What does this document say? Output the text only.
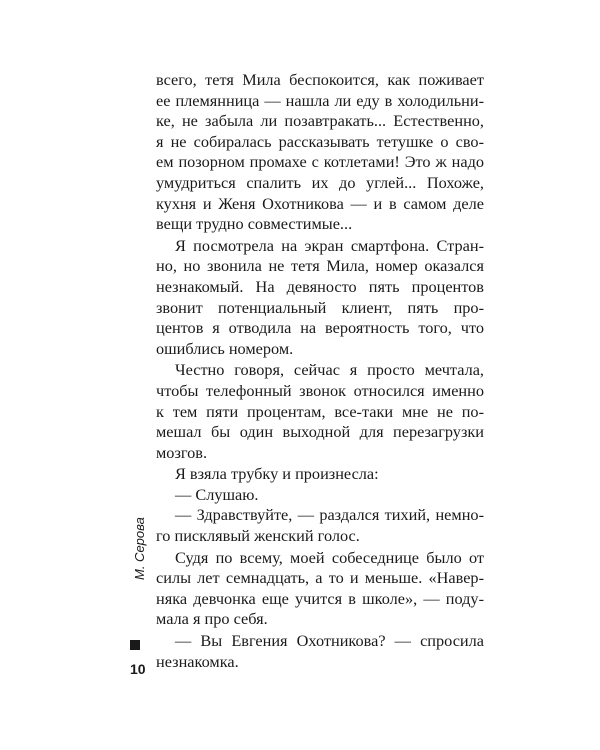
всего, тетя Мила беспокоится, как поживает
ее племянница — нашла ли еду в холодильни-
ке, не забыла ли позавтракать... Естественно,
я не собиралась рассказывать тетушке о сво-
ем позорном промахе с котлетами! Это ж надо
умудриться спалить их до углей... Похоже,
кухня и Женя Охотникова — и в самом деле
вещи трудно совместимые...

Я посмотрела на экран смартфона. Стран-
но, но звонила не тетя Мила, номер оказался
незнакомый. На девяносто пять процентов
звонит потенциальный клиент, пять про-
центов я отводила на вероятность того, что
ошиблись номером.

Честно говоря, сейчас я просто мечтала,
чтобы телефонный звонок относился именно
к тем пяти процентам, все-таки мне не по-
мешал бы один выходной для перезагрузки
мозгов.

Я взяла трубку и произнесла:

— Слушаю.

— Здравствуйте, — раздался тихий, немно-
го писклявый женский голос.

Судя по всему, моей собеседнице было от
силы лет семнадцать, а то и меньше. «Навер-
няка девчонка еще учится в школе», — поду-
мала я про себя.

— Вы Евгения Охотникова? — спросила
незнакомка.

М. Серова
10
